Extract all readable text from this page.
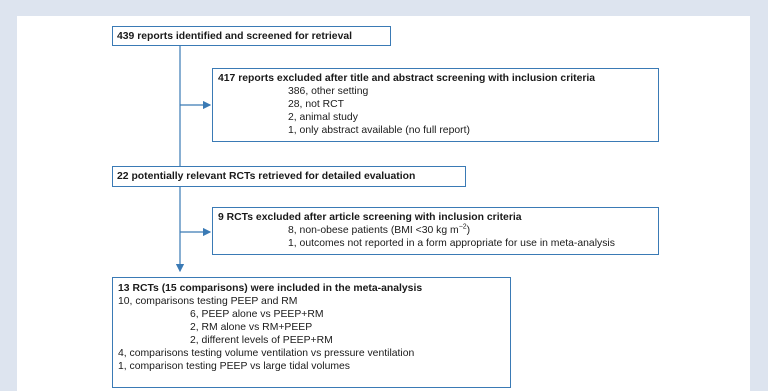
439 reports identified and screened for retrieval
417 reports excluded after title and abstract screening with inclusion criteria
386, other setting
28, not RCT
2, animal study
1, only abstract available (no full report)
22 potentially relevant RCTs retrieved for detailed evaluation
9 RCTs excluded after article screening with inclusion criteria
8, non-obese patients (BMI <30 kg $m^{-2}$)
1, outcomes not reported in a form appropriate for use in meta-analysis
13 RCTs (15 comparisons) were included in the meta-analysis
10, comparisons testing PEEP and RM
6, PEEP alone vs PEEP+RM
2, RM alone vs RM+PEEP
2, different levels of PEEP+RM
4, comparisons testing volume ventilation vs pressure ventilation
1, comparison testing PEEP vs large tidal volumes
